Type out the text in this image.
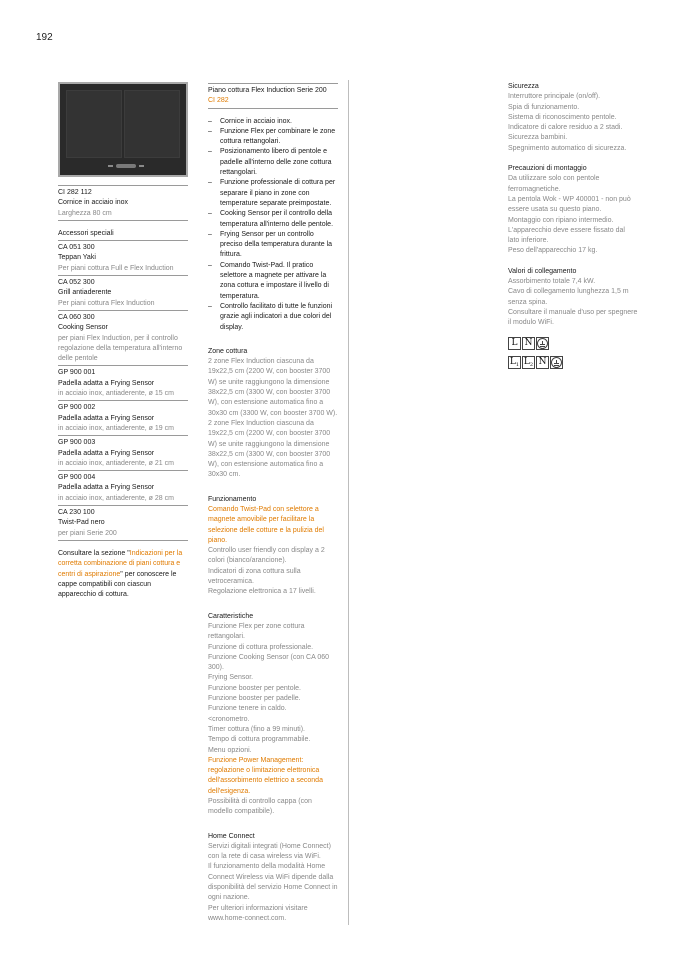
192
CI 282 112
Cornice in acciaio inox
Larghezza 80 cm
Accessori speciali
CA 051 300
Teppan Yaki
Per piani cottura Full e Flex Induction
CA 052 300
Grill antiaderente
Per piani cottura Flex Induction
CA 060 300
Cooking Sensor
per piani Flex Induction, per il controllo regolazione della temperatura all'interno delle pentole
GP 900 001
Padella adatta a Frying Sensor
in acciaio inox, antiaderente, ø 15 cm
GP 900 002
Padella adatta a Frying Sensor
in acciaio inox, antiaderente, ø 19 cm
GP 900 003
Padella adatta a Frying Sensor
in acciaio inox, antiaderente, ø 21 cm
GP 900 004
Padella adatta a Frying Sensor
in acciaio inox, antiaderente, ø 28 cm
CA 230 100
Twist-Pad nero
per piani Serie 200
Consultare la sezione "Indicazioni per la corretta combinazione di piani cottura e centri di aspirazione" per conoscere le cappe compatibili con ciascun apparecchio di cottura.
Piano cottura Flex Induction Serie 200
CI 282
– Cornice in acciaio inox.
– Funzione Flex per combinare le zone cottura rettangolari.
– Posizionamento libero di pentole e padelle all'interno delle zone cottura rettangolari.
– Funzione professionale di cottura per separare il piano in zone con temperature separate preimpostate.
– Cooking Sensor per il controllo della temperatura all'interno delle pentole.
– Frying Sensor per un controllo preciso della temperatura durante la frittura.
– Comando Twist-Pad. Il pratico selettore a magnete per attivare la zona cottura e impostare il livello di temperatura.
– Controllo facilitato di tutte le funzioni grazie agli indicatori a due colori del display.
Zone cottura
2 zone Flex Induction ciascuna da 19x22,5 cm (2200 W, con booster 3700 W) se unite raggiungono la dimensione 38x22,5 cm (3300 W, con booster 3700 W), con estensione automatica fino a 30x30 cm (3300 W, con booster 3700 W).
2 zone Flex Induction ciascuna da 19x22,5 cm (2200 W, con booster 3700 W) se unite raggiungono la dimensione 38x22,5 cm (3300 W, con booster 3700 W), con estensione automatica fino a 30x30 cm.
Funzionamento
Comando Twist-Pad con selettore a magnete amovibile per facilitare la selezione delle cotture e la pulizia del piano.
Controllo user friendly con display a 2 colori (bianco/arancione).
Indicatori di zona cottura sulla vetroceramica.
Regolazione elettronica a 17 livelli.
Caratteristiche
Funzione Flex per zone cottura rettangolari.
Funzione di cottura professionale.
Funzione Cooking Sensor (con CA 060 300).
Frying Sensor.
Funzione booster per pentole.
Funzione booster per padelle.
Funzione tenere in caldo.
<cronometro.
Timer cottura (fino a 99 minuti).
Tempo di cottura programmabile.
Menu opzioni.
Funzione Power Management: regolazione o limitazione elettronica dell'assorbimento elettrico a seconda dell'esigenza.
Possibilità di controllo cappa (con modello compatibile).
Home Connect
Servizi digitali integrati (Home Connect) con la rete di casa wireless via WiFi.
Il funzionamento della modalità Home Connect Wireless via WiFi dipende dalla disponibilità del servizio Home Connect in ogni nazione.
Per ulteriori informazioni visitare www.home-connect.com.
Sicurezza
Interruttore principale (on/off).
Spia di funzionamento.
Sistema di riconoscimento pentole.
Indicatore di calore residuo a 2 stadi.
Sicurezza bambini.
Spegnimento automatico di sicurezza.
Precauzioni di montaggio
Da utilizzare solo con pentole ferromagnetiche.
La pentola Wok - WP 400001 - non può essere usata su questo piano.
Montaggio con ripiano intermedio.
L'apparecchio deve essere fissato dal lato inferiore.
Peso dell'apparecchio 17 kg.
Valori di collegamento
Assorbimento totale 7,4 kW.
Cavo di collegamento lunghezza 1,5 m senza spina.
Consultare il manuale d'uso per spegnere il modulo WiFi.
L N
$L_1$ $L_2$ N
